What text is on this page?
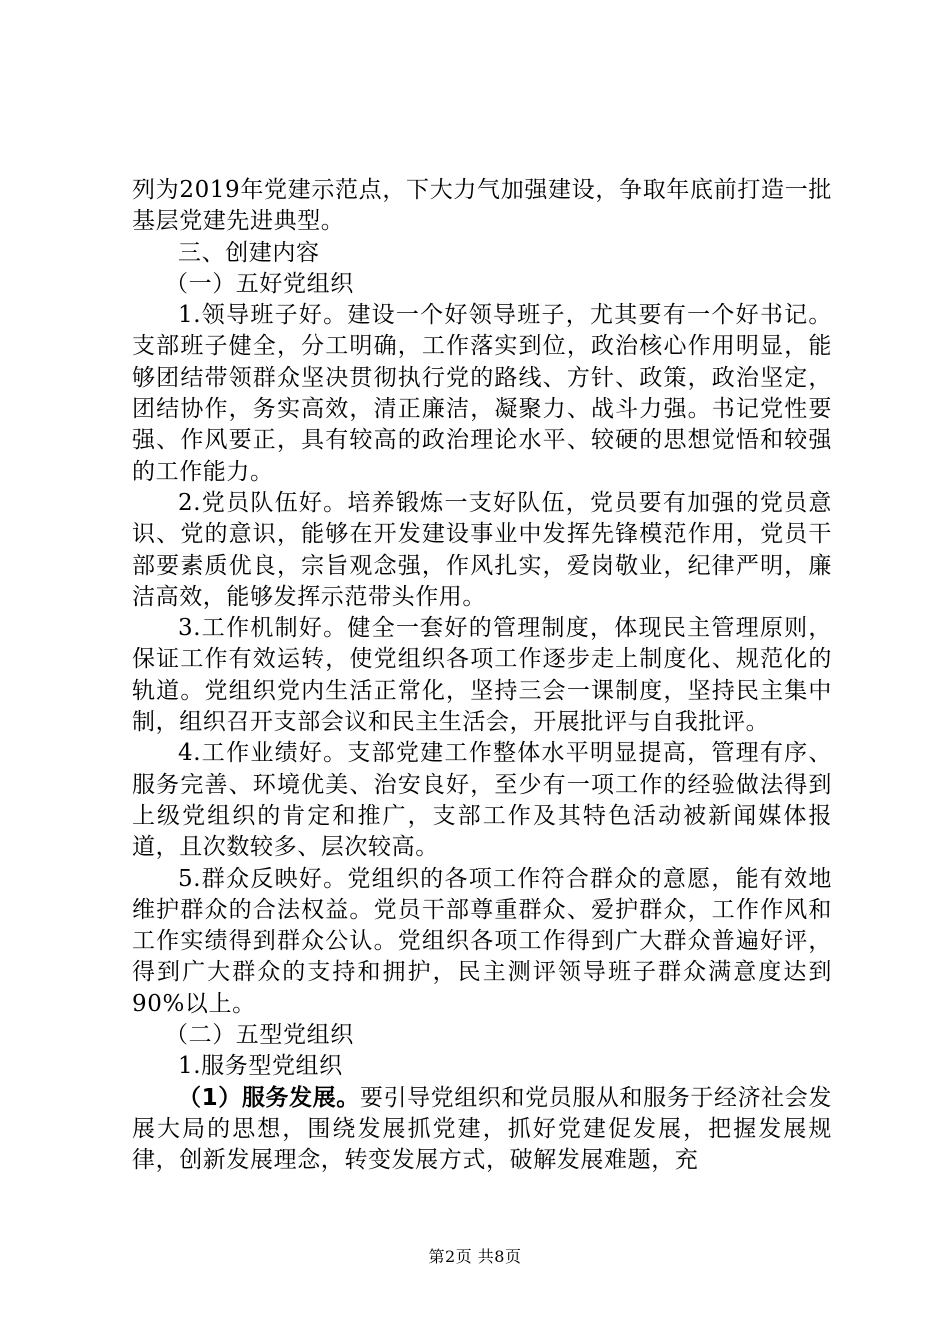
列为2019年党建示范点，下大力气加强建设，争取年底前打造一批基层党建先进典型。

三、创建内容

（一）五好党组织

1.领导班子好。建设一个好领导班子，尤其要有一个好书记。支部班子健全，分工明确，工作落实到位，政治核心作用明显，能够团结带领群众坚决贯彻执行党的路线、方针、政策，政治坚定，团结协作，务实高效，清正廉洁，凝聚力、战斗力强。书记党性要强、作风要正，具有较高的政治理论水平、较硬的思想觉悟和较强的工作能力。

2.党员队伍好。培养锻炼一支好队伍，党员要有加强的党员意识、党的意识，能够在开发建设事业中发挥先锋模范作用，党员干部要素质优良，宗旨观念强，作风扎实，爱岗敬业，纪律严明，廉洁高效，能够发挥示范带头作用。

3.工作机制好。健全一套好的管理制度，体现民主管理原则，保证工作有效运转，使党组织各项工作逐步走上制度化、规范化的轨道。党组织党内生活正常化，坚持三会一课制度，坚持民主集中制，组织召开支部会议和民主生活会，开展批评与自我批评。

4.工作业绩好。支部党建工作整体水平明显提高，管理有序、服务完善、环境优美、治安良好，至少有一项工作的经验做法得到上级党组织的肯定和推广，支部工作及其特色活动被新闻媒体报道，且次数较多、层次较高。

5.群众反映好。党组织的各项工作符合群众的意愿，能有效地维护群众的合法权益。党员干部尊重群众、爱护群众，工作作风和工作实绩得到群众公认。党组织各项工作得到广大群众普遍好评，得到广大群众的支持和拥护，民主测评领导班子群众满意度达到90%以上。

（二）五型党组织

1.服务型党组织

（1）服务发展。要引导党组织和党员服从和服务于经济社会发展大局的思想，围绕发展抓党建，抓好党建促发展，把握发展规律，创新发展理念，转变发展方式，破解发展难题，充

第2页 共8页
